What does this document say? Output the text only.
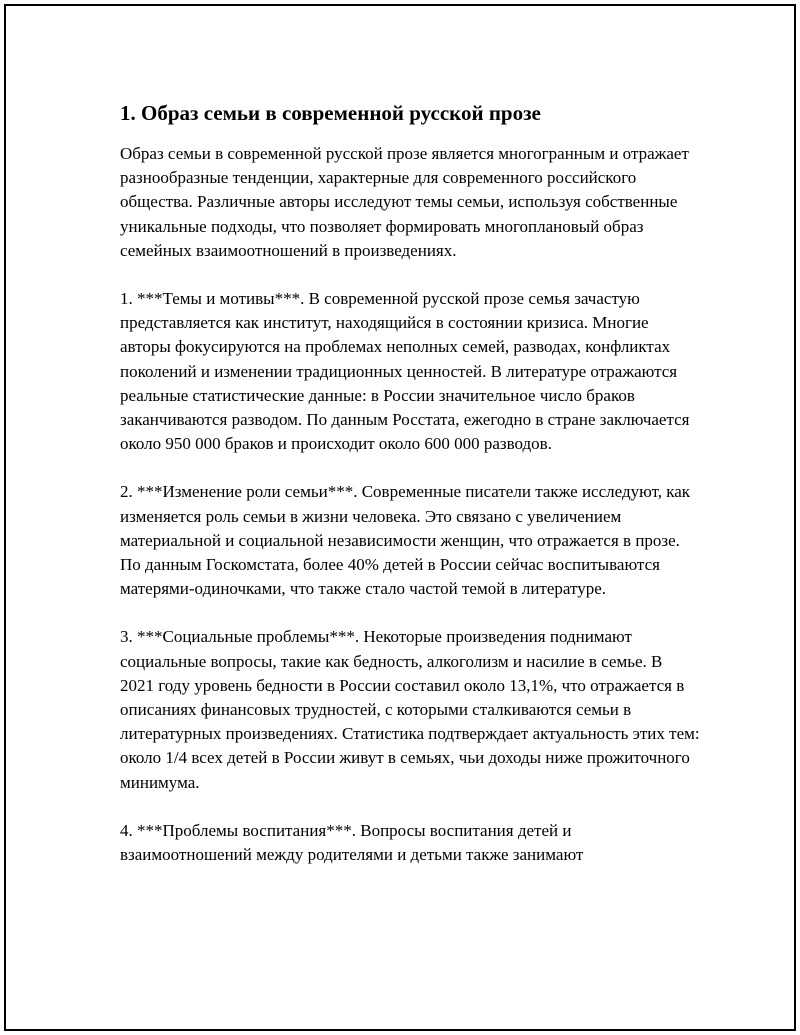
1. Образ семьи в современной русской прозе

Образ семьи в современной русской прозе является многогранным и отражает разнообразные тенденции, характерные для современного российского общества. Различные авторы исследуют темы семьи, используя собственные уникальные подходы, что позволяет формировать многоплановый образ семейных взаимоотношений в произведениях.

1. ***Темы и мотивы***. В современной русской прозе семья зачастую представляется как институт, находящийся в состоянии кризиса. Многие авторы фокусируются на проблемах неполных семей, разводах, конфликтах поколений и изменении традиционных ценностей. В литературе отражаются реальные статистические данные: в России значительное число браков заканчиваются разводом. По данным Росстата, ежегодно в стране заключается около 950 000 браков и происходит около 600 000 разводов.

2. ***Изменение роли семьи***. Современные писатели также исследуют, как изменяется роль семьи в жизни человека. Это связано с увеличением материальной и социальной независимости женщин, что отражается в прозе. По данным Госкомстата, более 40% детей в России сейчас воспитываются матерями-одиночками, что также стало частой темой в литературе.

3. ***Социальные проблемы***. Некоторые произведения поднимают социальные вопросы, такие как бедность, алкоголизм и насилие в семье. В 2021 году уровень бедности в России составил около 13,1%, что отражается в описаниях финансовых трудностей, с которыми сталкиваются семьи в литературных произведениях. Статистика подтверждает актуальность этих тем: около 1/4 всех детей в России живут в семьях, чьи доходы ниже прожиточного минимума.

4. ***Проблемы воспитания***. Вопросы воспитания детей и взаимоотношений между родителями и детьми также занимают
